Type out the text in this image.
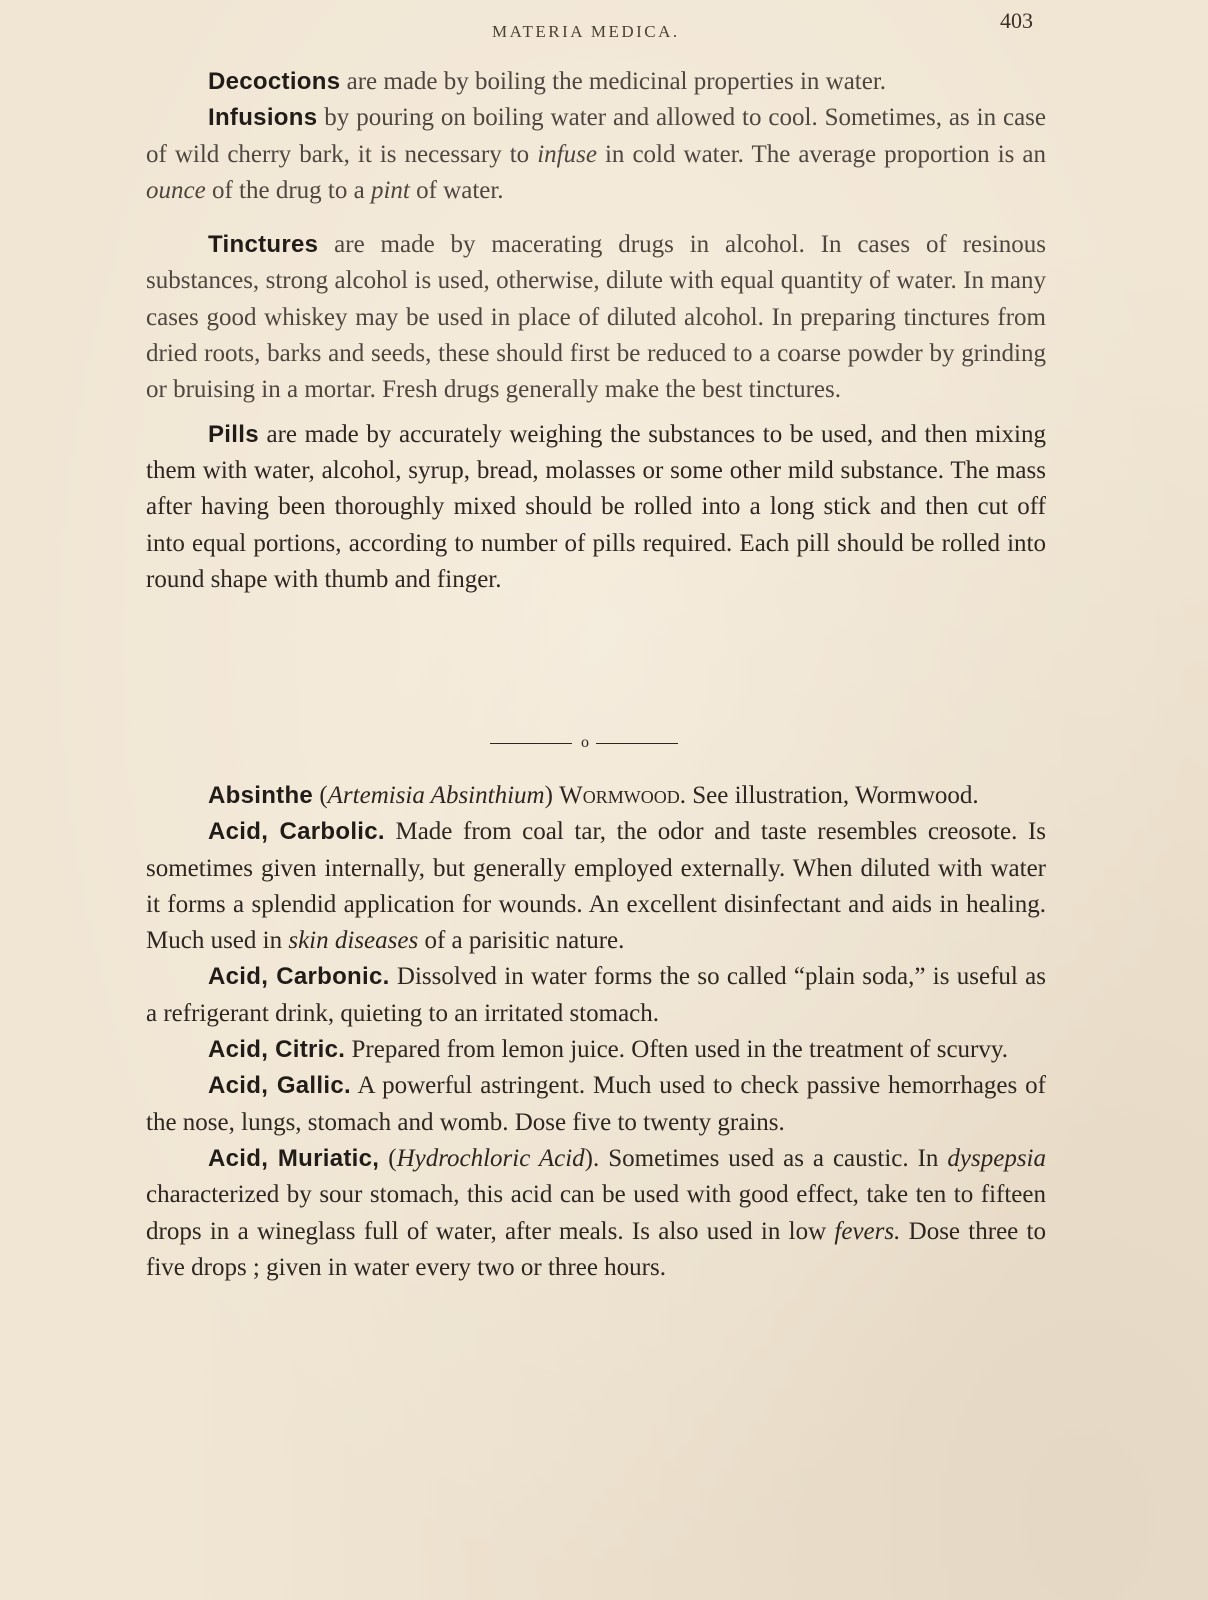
MATERIA MEDICA.	403

Decoctions are made by boiling the medicinal properties in water.

Infusions by pouring on boiling water and allowed to cool. Sometimes, as in case of wild cherry bark, it is necessary to infuse in cold water. The average proportion is an ounce of the drug to a pint of water.

Tinctures are made by macerating drugs in alcohol. In cases of resinous substances, strong alcohol is used, otherwise, dilute with equal quantity of water. In many cases good whiskey may be used in place of diluted alcohol. In preparing tinctures from dried roots, barks and seeds, these should first be reduced to a coarse powder by grinding or bruising in a mortar. Fresh drugs generally make the best tinctures.

Pills are made by accurately weighing the substances to be used, and then mixing them with water, alcohol, syrup, bread, molasses or some other mild substance. The mass after having been thoroughly mixed should be rolled into a long stick and then cut off into equal portions, according to number of pills required. Each pill should be rolled into round shape with thumb and finger.

o

Absinthe (Artemisia Absinthium) Wormwood. See illustration, Wormwood.

Acid, Carbolic. Made from coal tar, the odor and taste resembles creosote. Is sometimes given internally, but generally employed externally. When diluted with water it forms a splendid application for wounds. An excellent disinfectant and aids in healing. Much used in skin diseases of a parisitic nature.

Acid, Carbonic. Dissolved in water forms the so called “plain soda,” is useful as a refrigerant drink, quieting to an irritated stomach.

Acid, Citric. Prepared from lemon juice. Often used in the treatment of scurvy.

Acid, Gallic. A powerful astringent. Much used to check passive hemorrhages of the nose, lungs, stomach and womb. Dose five to twenty grains.

Acid, Muriatic, (Hydrochloric Acid). Sometimes used as a caustic. In dyspepsia characterized by sour stomach, this acid can be used with good effect, take ten to fifteen drops in a wineglass full of water, after meals. Is also used in low fevers. Dose three to five drops ; given in water every two or three hours.
